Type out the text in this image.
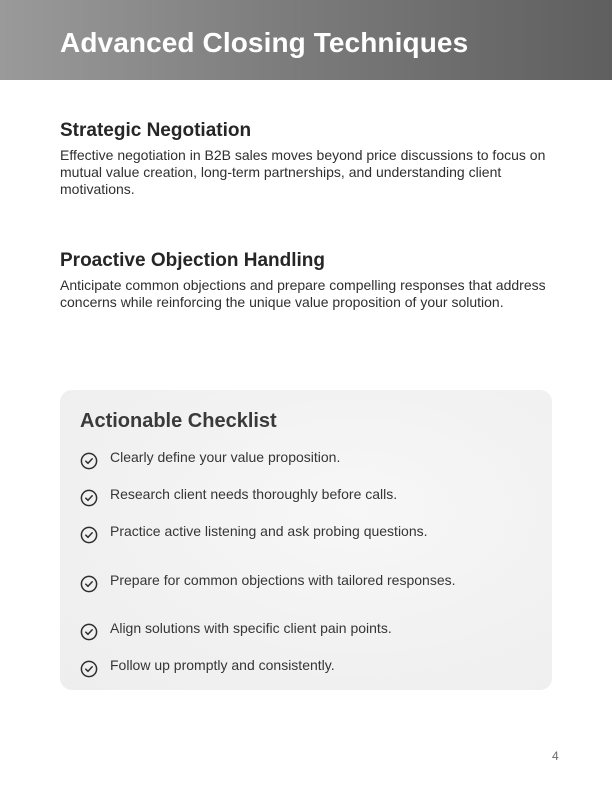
Advanced Closing Techniques
Strategic Negotiation

Effective negotiation in B2B sales moves beyond price discussions to focus on mutual value creation, long-term partnerships, and understanding client motivations.

Proactive Objection Handling

Anticipate common objections and prepare compelling responses that address concerns while reinforcing the unique value proposition of your solution.

Actionable Checklist
Clearly define your value proposition.
Research client needs thoroughly before calls.
Practice active listening and ask probing questions.
Prepare for common objections with tailored responses.
Align solutions with specific client pain points.
Follow up promptly and consistently.
4
